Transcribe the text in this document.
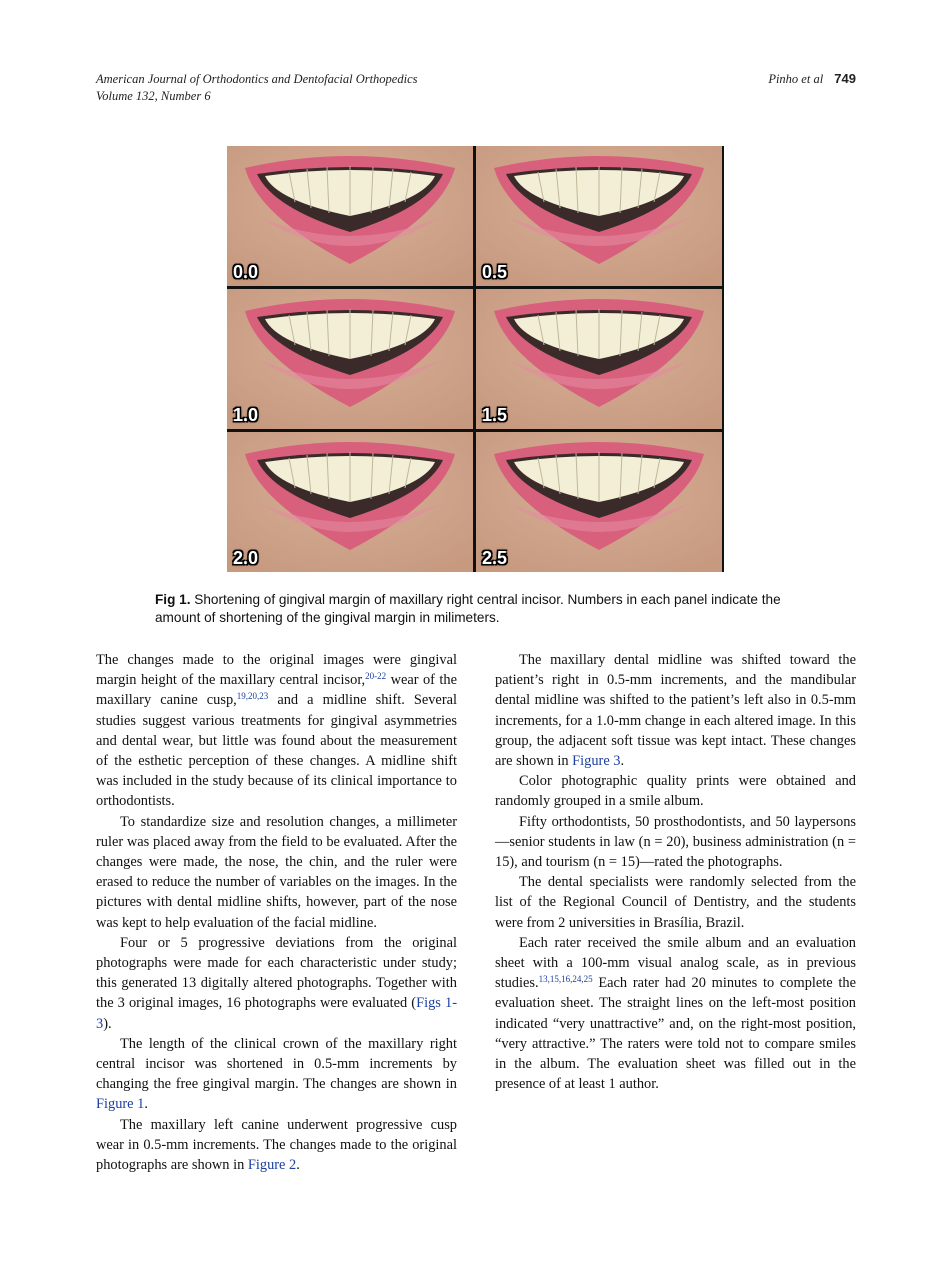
American Journal of Orthodontics and Dentofacial Orthopedics
Volume 132, Number 6
Pinho et al 749
0.0	0.5
1.0	1.5
2.0	2.5
Fig 1. Shortening of gingival margin of maxillary right central incisor. Numbers in each panel indicate the amount of shortening of the gingival margin in milimeters.

The changes made to the original images were gingival margin height of the maxillary central incisor,$^{20-22}$ wear of the maxillary canine cusp,$^{19,20,23}$ and a midline shift. Several studies suggest various treatments for gingival asymmetries and dental wear, but little was found about the measurement of the esthetic perception of these changes. A midline shift was included in the study because of its clinical importance to orthodontists.

To standardize size and resolution changes, a millimeter ruler was placed away from the field to be evaluated. After the changes were made, the nose, the chin, and the ruler were erased to reduce the number of variables on the images. In the pictures with dental midline shifts, however, part of the nose was kept to help evaluation of the facial midline.

Four or 5 progressive deviations from the original photographs were made for each characteristic under study; this generated 13 digitally altered photographs. Together with the 3 original images, 16 photographs were evaluated (Figs 1-3).

The length of the clinical crown of the maxillary right central incisor was shortened in 0.5-mm increments by changing the free gingival margin. The changes are shown in Figure 1.

The maxillary left canine underwent progressive cusp wear in 0.5-mm increments. The changes made to the original photographs are shown in Figure 2.

The maxillary dental midline was shifted toward the patient’s right in 0.5-mm increments, and the mandibular dental midline was shifted to the patient’s left also in 0.5-mm increments, for a 1.0-mm change in each altered image. In this group, the adjacent soft tissue was kept intact. These changes are shown in Figure 3.

Color photographic quality prints were obtained and randomly grouped in a smile album.

Fifty orthodontists, 50 prosthodontists, and 50 laypersons—senior students in law (n = 20), business administration (n = 15), and tourism (n = 15)—rated the photographs.

The dental specialists were randomly selected from the list of the Regional Council of Dentistry, and the students were from 2 universities in Brasília, Brazil.

Each rater received the smile album and an evaluation sheet with a 100-mm visual analog scale, as in previous studies.$^{13,15,16,24,25}$ Each rater had 20 minutes to complete the evaluation sheet. The straight lines on the left-most position indicated “very unattractive” and, on the right-most position, “very attractive.” The raters were told not to compare smiles in the album. The evaluation sheet was filled out in the presence of at least 1 author.
